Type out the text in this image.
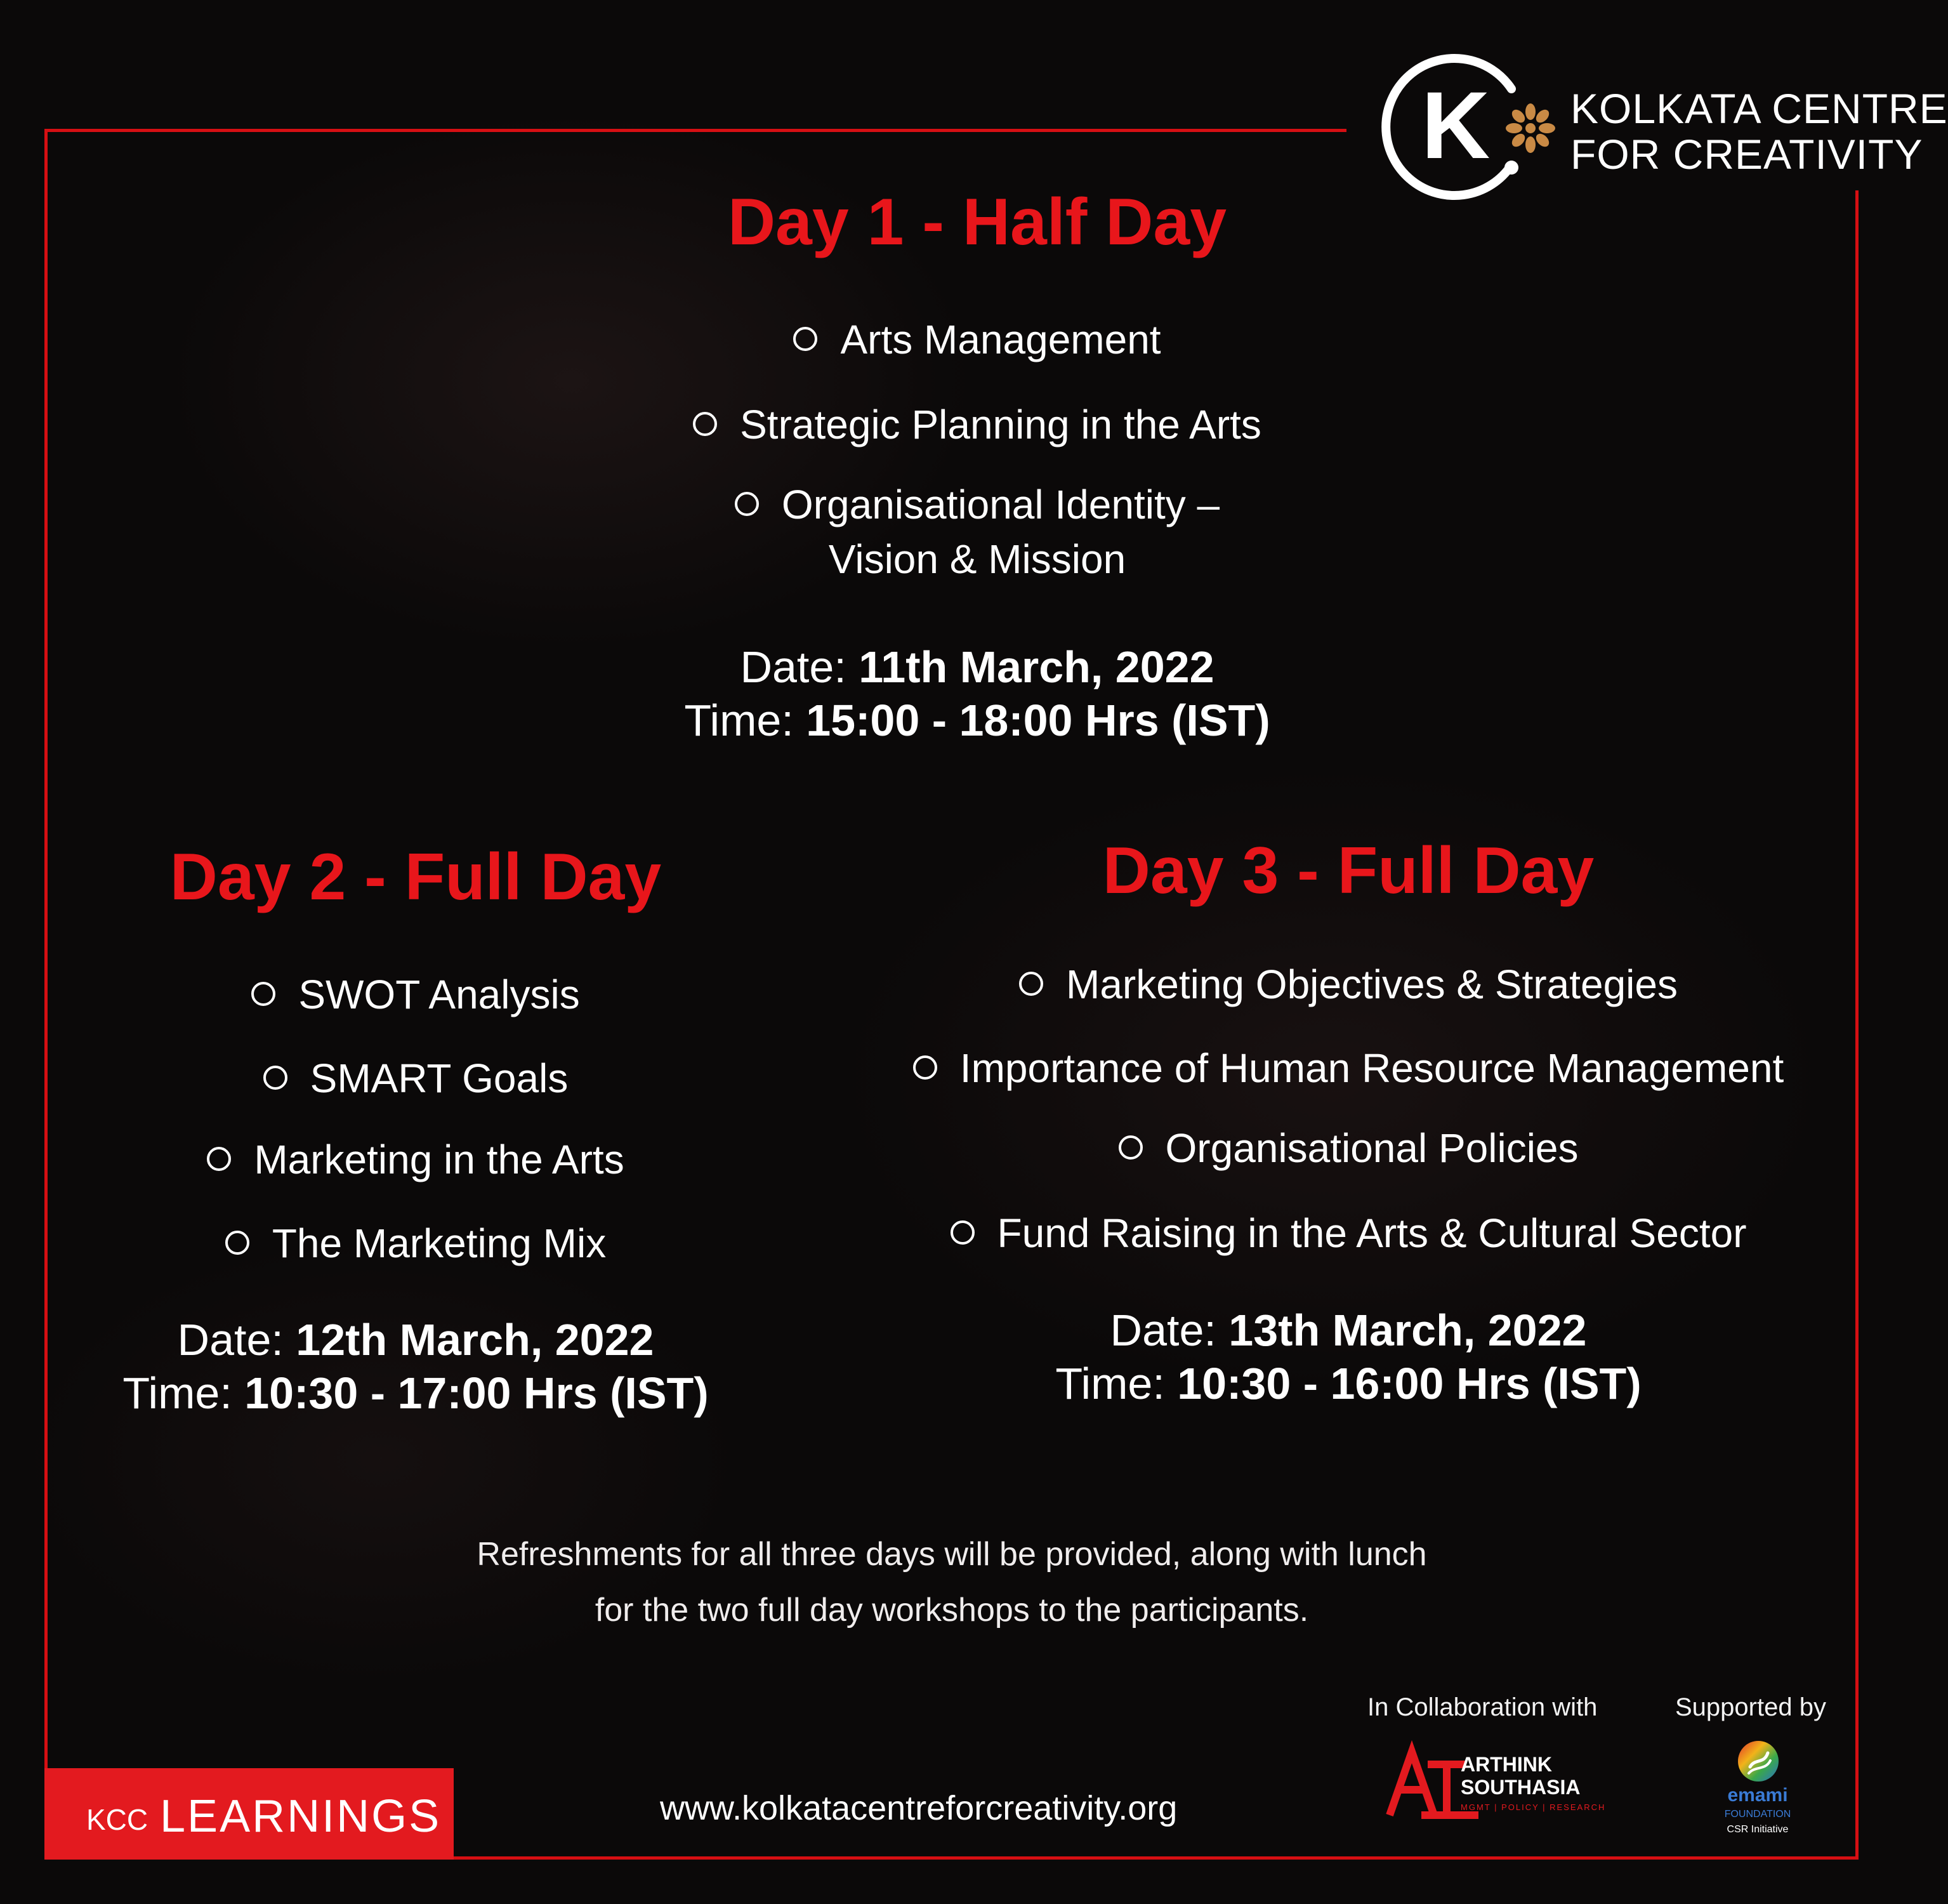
K KOLKATA CENTRE
FOR CREATIVITY
Day 1 - Half Day
Arts Management
Strategic Planning in the Arts
Organisational Identity –
Vision & Mission
Date: 11th March, 2022
Time: 15:00 - 18:00 Hrs (IST)
Day 2 - Full Day
SWOT Analysis
SMART Goals
Marketing in the Arts
The Marketing Mix
Date: 12th March, 2022
Time: 10:30 - 17:00 Hrs (IST)
Day 3 - Full Day
Marketing Objectives & Strategies
Importance of Human Resource Management
Organisational Policies
Fund Raising in the Arts & Cultural Sector
Date: 13th March, 2022
Time: 10:30 - 16:00 Hrs (IST)
Refreshments for all three days will be provided, along with lunch
for the two full day workshops to the participants.
KCC LEARNINGS	www.kolkatacentreforcreativity.org
In Collaboration with
ARTHINK
SOUTHASIA
MGMT | POLICY | RESEARCH
Supported by
emami
FOUNDATION
CSR Initiative
